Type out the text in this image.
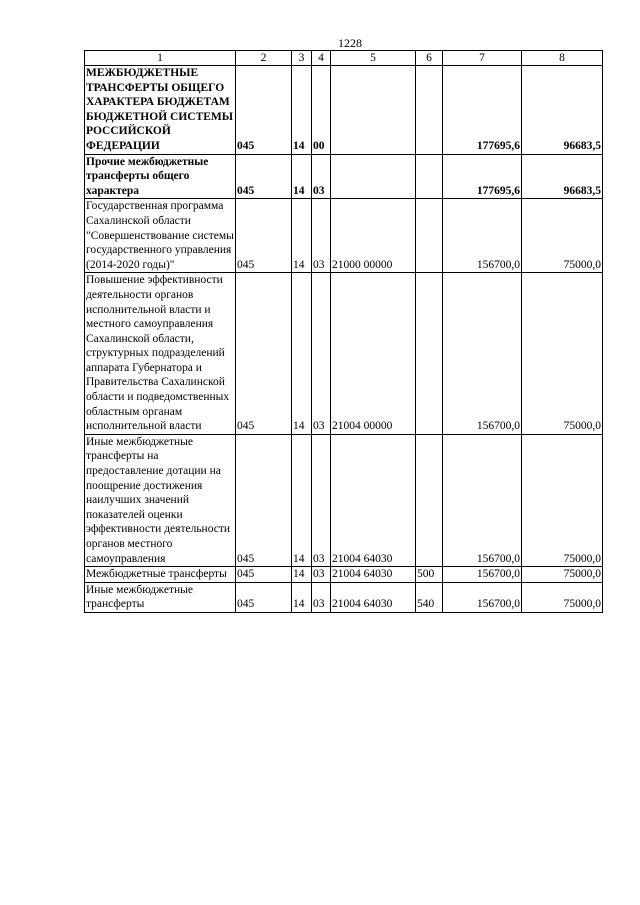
1228
1	2	3	4	5	6	7	8
МЕЖБЮДЖЕТНЫЕ ТРАНСФЕРТЫ ОБЩЕГО ХАРАКТЕРА БЮДЖЕТАМ БЮДЖЕТНОЙ СИСТЕМЫ РОССИЙСКОЙ ФЕДЕРАЦИИ	045	14	00			177695,6	96683,5
Прочие межбюджетные трансферты общего характера	045	14	03			177695,6	96683,5
Государственная программа Сахалинской области "Совершенствование системы государственного управления (2014-2020 годы)"	045	14	03	21000 00000		156700,0	75000,0
Повышение эффективности деятельности органов исполнительной власти и местного самоуправления Сахалинской области, структурных подразделений аппарата Губернатора и Правительства Сахалинской области и подведомственных областным органам исполнительной власти	045	14	03	21004 00000		156700,0	75000,0
Иные межбюджетные трансферты на предоставление дотации на поощрение достижения наилучших значений показателей оценки эффективности деятельности органов местного самоуправления	045	14	03	21004 64030		156700,0	75000,0
Межбюджетные трансферты	045	14	03	21004 64030	500	156700,0	75000,0
Иные межбюджетные трансферты	045	14	03	21004 64030	540	156700,0	75000,0
